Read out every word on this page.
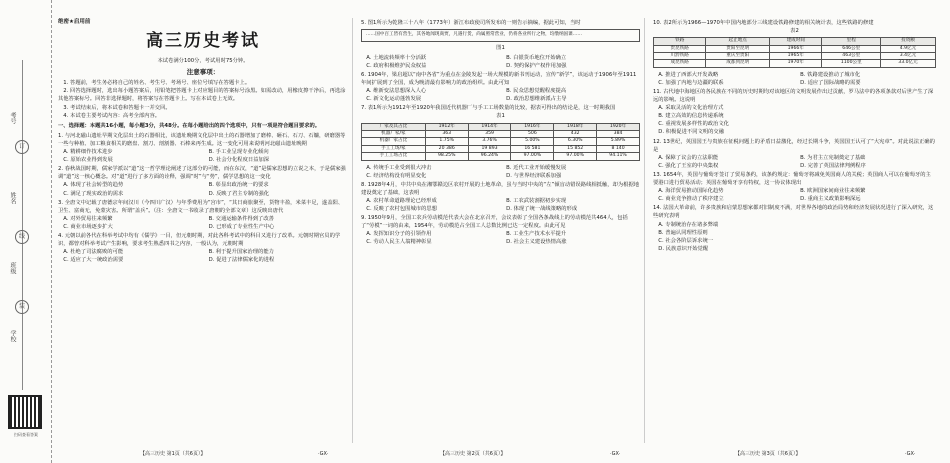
考号
姓名
班级
学校
订
线
装
扫码查看答案
绝密★启用前
高三历史考试
本试卷满分100分，考试用时75分钟。
注意事项：
1. 答题前，考生务必将自己的姓名、考生号、考场号、座位号填写在答题卡上。
2. 回答选择题时，选出每小题答案后，用铅笔把答题卡上对应题目的答案标号涂黑。如需改动，用橡皮擦干净后，再选涂其他答案标号。回答非选择题时，将答案写在答题卡上。写在本试卷上无效。
3. 考试结束后，将本试卷和答题卡一并交回。
4. 本试卷主要考试内容：高考全部内容。
一、选择题：本题共16小题，每小题3分，共48分。在每小题给出的四个选项中，只有一项是符合题目要求的。
1. 与河北磁山遗址早期文化层出土的石器相比，该遗址晚期文化层中出土的石器增加了磨棒、砸石、石刀、石镰，研磨器等一些与种植、加工粮食相关的磨盘、割刀、剖割器、石棒来再生成。这一变化可用来说明河北磁山遗址晚期
A. 精耕细作技术进步	B. 手工业呈现专业化倾向
C. 原始农业得到发展	D. 社会分化程度日益加深
2. 春秋战国时期，儒家学派以“道”这一哲学理论阐述了这部分的可能，而在东汉，“道”是儒家思想的立说之本，于是儒家强调“道”这一核心概念。对“道”进行了多方面的诠释，强调“时”与“势”，儒学思想的这一变化
A. 体现了社会转型的趋势	B. 彰显出政治统一的要求
C. 满足了现实政治的需求	D. 反映了君主专制的强化
3. 全唐文中记载了唐德宗年间汉川（今四川广汉）与年季费用为“宫市”，“其日商旅聚至，货物丰盈，米菜丰足，遂盖阳、卫生、富商无，免蒙灾害。所谓“盖兵”。（注：全唐文一书收录了唐朝的全部文章）这反映出唐代
A. 对外贸易往来频繁	B. 交通运输条件得到了改善
C. 商业市场逐步扩大	D. 已形成了专业性生产中心
4. 元朝以前各代在科举考试中均有《儒学》一目，但元朝时期，对此各科考试中的科目又进行了改革。元朝时期官员的学识，都曾对科举考试产生影响，要求考生熟悉四书之内容，一般认为，元朝时期
A. 杜绝了司法腐败的可能	B. 利于提升国家治理的能力
C. 适应了大一统政治需要	D. 促进了法律儒家化的进程
5. 图1所示为乾隆三十八年（1773年）浙江布政使司所发布的一则告示摘编，据此可知，当时
……国中百工皆有营生，其各地闻现商贾，凡遇行货，尚属照常营业，仍将各业所行之物，均缴纳国课……
图1
A. 土地流转频率十分活跃	B. 白银货币地位开始确立
C. 政府积极维护民众权益	D. 契约保护产权作用加强
6. 1904年，梁启超以“南中各省”为重点在金陵发起一场大规模的新书刊运动，宣传“新学”，该运动于1906年至1911年间扩展到了全国，成为晚清最有影响力的政治组织。由此可知
A. 维新变法思想深入人心	B. 民众思想觉醒程度提高
C. 新文化运动蓬勃发展	D. 政治思想维新派占主导
7. 表1所示为1912年至1920年我国近代机器厂与手工工场数量的比较，据表可得出的结论是，这一时期我国
表1
厂家及其占比	1912年	1914年	1916年	1918年	1920年
机器厂家/家	363	359	506	432	384
机器厂家占比	1.75%	3.76%	5.00%	6.30%	5.89%
手工工场/家	20 386	19 893	16 581	15 852	8 140
手工工场占比	98.25%	96.24%	97.00%	97.00%	94.11%
A. 传统手工业受到很大冲击	B. 近代工业开始缓慢发展
C. 经济结构没有明显变化	D. 与世界经济联系加强
8. 1928年4月，中共中央在湘鄂赣边区农村开展的土地革命，虽与当时中央的“左”倾盲动错误路线相抵触，却为根据地建设奠定了基础，这表明
A. 农村革命道路理论已经形成	B. 工农武装割据初步实现
C. 反映了农村包围城市的思想	D. 体现了统一战线策略的形成
9. 1950年9月，全国工农兵劳动模范代表大会在北京召开，会议表彰了全国各条战线上的劳动模范共464人，包括了“劳模”一词的由来，1954年，劳动模范占全国工人总数比例已达一定程度。由此可见
A. 发挥知识分子的引领作用	B. 工业生产技术水平提升
C. 劳动人民主人翁精神彰显	D. 社会主义建设热情高涨
10. 表2所示为1966—1970年中国内地部分三线建设铁路修建的相关统计表，这些铁路的修建
表2
铁路	起止地点	建成时间	里程	投资额
贵昆铁路	贵阳至昆明	1966年	646公里	4.9亿元
川黔铁路	重庆至贵阳	1965年	463公里	3.4亿元
成昆铁路	成都到昆明	1970年	1100公里	33.0亿元
A. 推进了西部大开发战略	B. 铁路建设推动了城市化
C. 加强了内地与边疆的联系	D. 适应了国际战略的需要
11. 古代地中海地区的各民族在不同的历史时期均对该地区的文明发展作出过贡献，罗马法中的各项条款对后世产生了深远的影响。这说明
A. 采取灵活的文化治理方式
B. 建立高效的信息传递系统
C. 重视发展多样性的政治文化
D. 积极促进不同文明的交融
12. 13世纪，英国国王与贵族在征税问题上的矛盾日益激化，经过长期斗争，英国国王认可了“大宪章”。对此说法正确的是
A. 保障了议会的立法职能	B. 为君主立宪制奠定了基础
C. 强化了王室的中央集权	D. 完善了英国法律判例程序
13. 1654年，英国与葡萄牙签订了贸易条约，该条约规定：葡萄牙将减免英国商人的关税；英国商人可以在葡萄牙的主要港口进行贸易活动；英国在葡萄牙享有特权，这一协议体现出
A. 海洋贸易推动国际化趋势	B. 欧洲国家间商业往来频繁
C. 商业竞争推动了秩序建立	D. 重商主义政策影响深远
14. 法国大革命前，许多贵族和启蒙思想家都对旧制度不满，对世界各地的政治局势和经济发展状况进行了深入研究，这些研究表明
A. 专制统治存在诸多弊端
B. 普遍认同理性原则
C. 社会各阶层诉求统一
D. 民族意识开始觉醒
【高三历史 第1页（共6页）】	【高三历史 第2页（共6页）】	【高三历史 第3页（共6页）】
·GX·	·GX·	·GX·
